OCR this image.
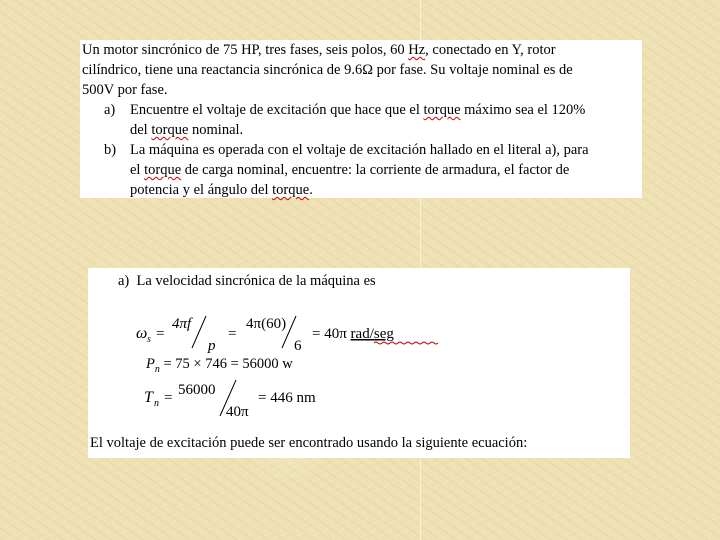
Un motor sincrónico de 75 HP, tres fases, seis polos, 60 Hz, conectado en Y, rotor
cilíndrico, tiene una reactancia sincrónica de 9.6Ω por fase. Su voltaje nominal es de
500V por fase.
a) Encuentre el voltaje de excitación que hace que el torque máximo sea el 120%
del torque nominal.
b) La máquina es operada con el voltaje de excitación hallado en el literal a), para
el torque de carga nominal, encuentre: la corriente de armadura, el factor de
potencia y el ángulo del torque.
a) La velocidad sincrónica de la máquina es
ω s =
4πf
p
=
4π(60)
6
= 40π rad/seg
$P_n = 75 \times 746 = 56000$ w
T n = 56000
40π
= 446 nm
El voltaje de excitación puede ser encontrado usando la siguiente ecuación:
